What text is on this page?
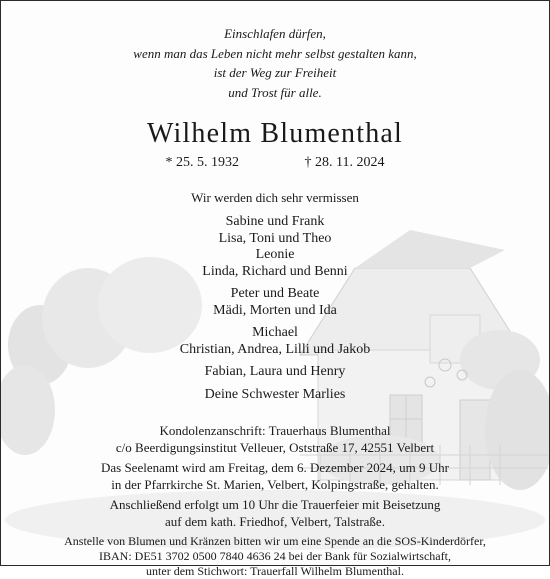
Einschlafen dürfen,
wenn man das Leben nicht mehr selbst gestalten kann,
ist der Weg zur Freiheit
und Trost für alle.
Wilhelm Blumenthal
* 25. 5. 1932	† 28. 11. 2024
Wir werden dich sehr vermissen
Sabine und Frank
Lisa, Toni und Theo
Leonie
Linda, Richard und Benni
Peter und Beate
Mädi, Morten und Ida
Michael
Christian, Andrea, Lilli und Jakob
Fabian, Laura und Henry
Deine Schwester Marlies
Kondolenzanschrift: Trauerhaus Blumenthal
c/o Beerdigungsinstitut Velleuer, Oststraße 17, 42551 Velbert
Das Seelenamt wird am Freitag, dem 6. Dezember 2024, um 9 Uhr
in der Pfarrkirche St. Marien, Velbert, Kolpingstraße, gehalten.
Anschließend erfolgt um 10 Uhr die Trauerfeier mit Beisetzung
auf dem kath. Friedhof, Velbert, Talstraße.
Anstelle von Blumen und Kränzen bitten wir um eine Spende an die SOS-Kinderdörfer,
IBAN: DE51 3702 0500 7840 4636 24 bei der Bank für Sozialwirtschaft,
unter dem Stichwort: Trauerfall Wilhelm Blumenthal.
